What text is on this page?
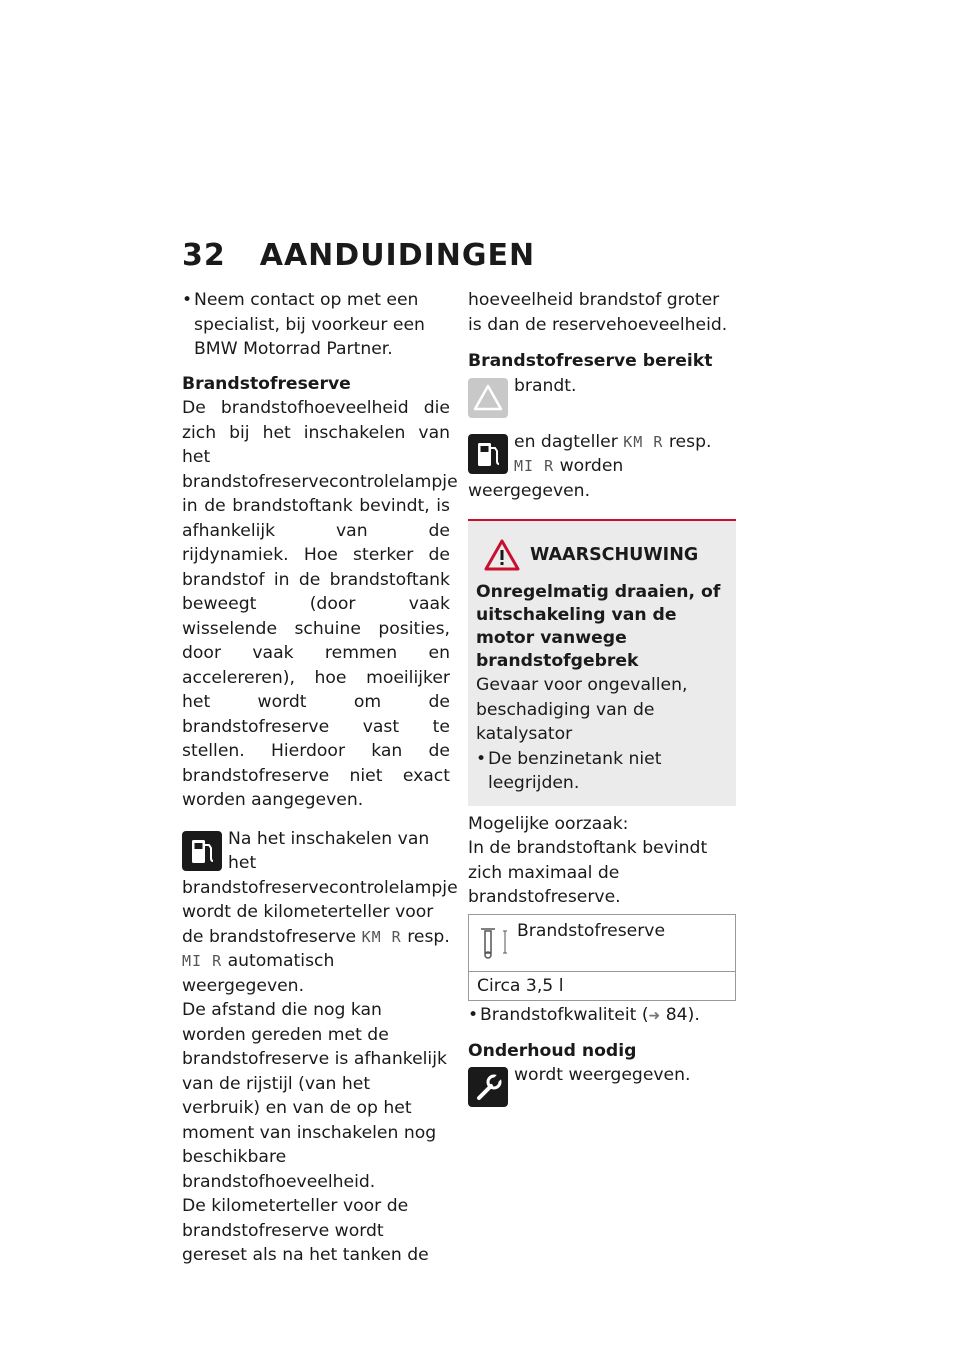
32 AANDUIDINGEN

• Neem contact op met een specialist, bij voorkeur een BMW Motorrad Partner.

Brandstofreserve

De brandstofhoeveelheid die zich bij het inschakelen van het brandstofreservecontrolelampje in de brandstoftank bevindt, is afhankelijk van de rijdynamiek. Hoe sterker de brandstof in de brandstoftank beweegt (door vaak wisselende schuine posities, door vaak remmen en accelereren), hoe moeilijker het wordt om de brandstofreserve vast te stellen. Hierdoor kan de brandstofreserve niet exact worden aangegeven.

Na het inschakelen van het brandstofreservecontrolelampje wordt de kilometerteller voor de brandstofreserve KM R resp. MI R automatisch weergegeven.

De afstand die nog kan worden gereden met de brandstofreserve is afhankelijk van de rijstijl (van het verbruik) en van de op het moment van inschakelen nog beschikbare brandstofhoeveelheid.

De kilometerteller voor de brandstofreserve wordt gereset als na het tanken de

hoeveelheid brandstof groter is dan de reservehoeveelheid.

Brandstofreserve bereikt

brandt.
en dagteller KM R resp. MI R worden weergegeven.
WAARSCHUWING

Onregelmatig draaien, of uitschakeling van de motor vanwege brandstofgebrek

Gevaar voor ongevallen, beschadiging van de katalysator

• De benzinetank niet leegrijden.

Mogelijke oorzaak:

In de brandstoftank bevindt zich maximaal de brandstofreserve.

Brandstofreserve
Circa 3,5 l

• Brandstofkwaliteit (➜ 84).

Onderhoud nodig

wordt weergegeven.
